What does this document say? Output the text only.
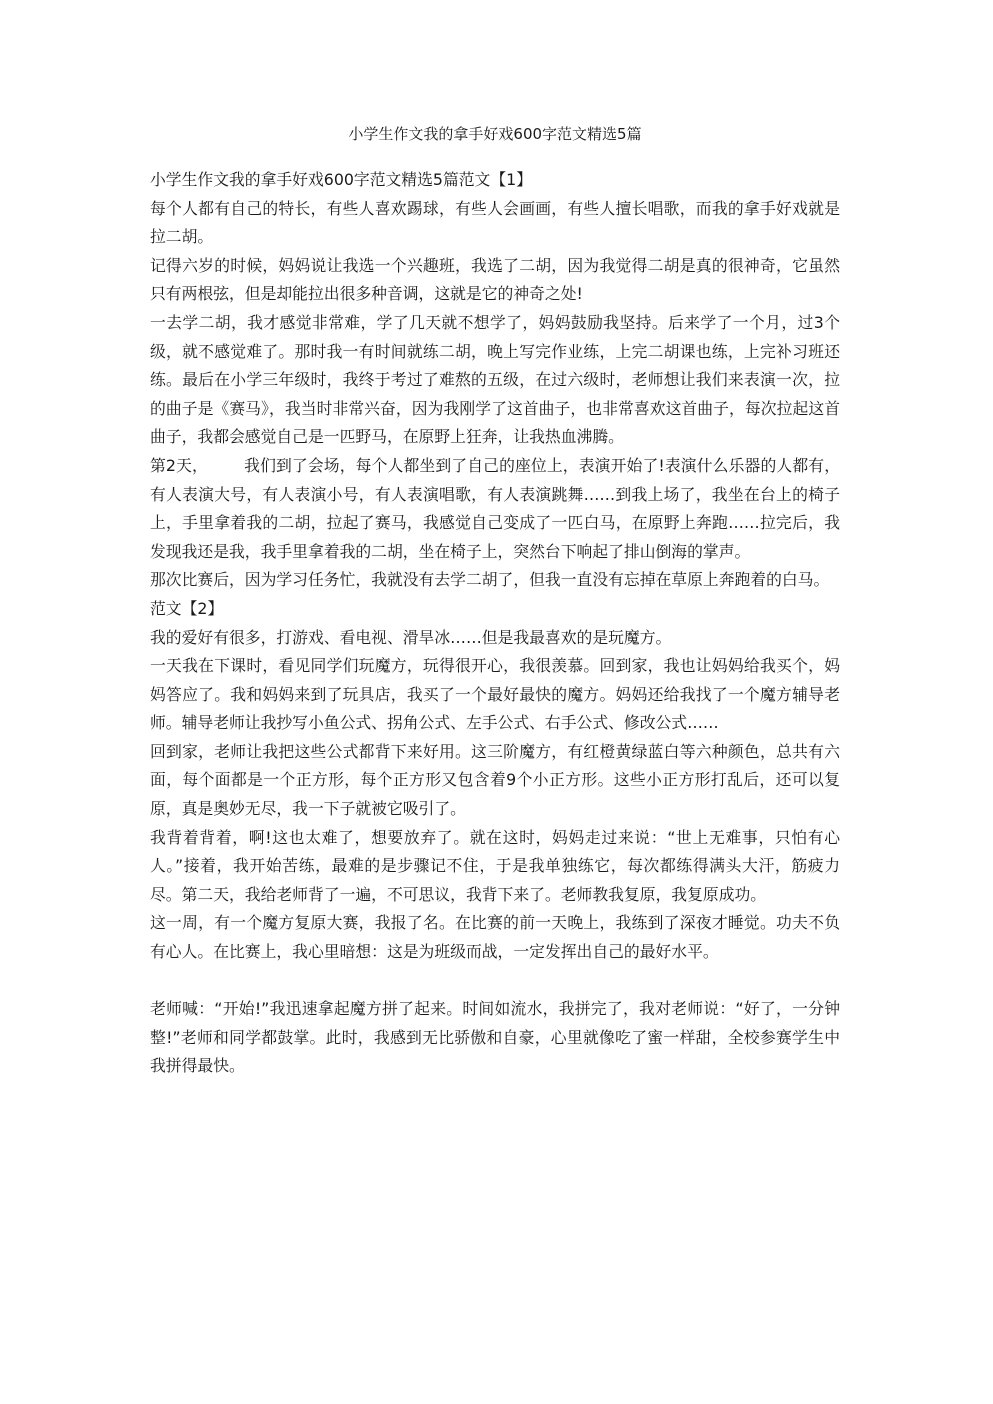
小学生作文我的拿手好戏600字范文精选5篇

小学生作文我的拿手好戏600字范文精选5篇范文【1】

每个人都有自己的特长，有些人喜欢踢球，有些人会画画，有些人擅长唱歌，而我的拿手好戏就是拉二胡。

记得六岁的时候，妈妈说让我选一个兴趣班，我选了二胡，因为我觉得二胡是真的很神奇，它虽然只有两根弦，但是却能拉出很多种音调，这就是它的神奇之处!

一去学二胡，我才感觉非常难，学了几天就不想学了，妈妈鼓励我坚持。后来学了一个月，过3个级，就不感觉难了。那时我一有时间就练二胡，晚上写完作业练，上完二胡课也练，上完补习班还练。最后在小学三年级时，我终于考过了难熬的五级，在过六级时，老师想让我们来表演一次，拉的曲子是《赛马》，我当时非常兴奋，因为我刚学了这首曲子，也非常喜欢这首曲子，每次拉起这首曲子，我都会感觉自己是一匹野马，在原野上狂奔，让我热血沸腾。

第2天， 我们到了会场，每个人都坐到了自己的座位上，表演开始了!表演什么乐器的人都有，有人表演大号，有人表演小号，有人表演唱歌，有人表演跳舞……到我上场了，我坐在台上的椅子上，手里拿着我的二胡，拉起了赛马，我感觉自己变成了一匹白马，在原野上奔跑……拉完后，我发现我还是我，我手里拿着我的二胡，坐在椅子上，突然台下响起了排山倒海的掌声。

那次比赛后，因为学习任务忙，我就没有去学二胡了，但我一直没有忘掉在草原上奔跑着的白马。

范文【2】

我的爱好有很多，打游戏、看电视、滑旱冰……但是我最喜欢的是玩魔方。

一天我在下课时，看见同学们玩魔方，玩得很开心，我很羡慕。回到家，我也让妈妈给我买个，妈妈答应了。我和妈妈来到了玩具店，我买了一个最好最快的魔方。妈妈还给我找了一个魔方辅导老师。辅导老师让我抄写小鱼公式、拐角公式、左手公式、右手公式、修改公式……

回到家，老师让我把这些公式都背下来好用。这三阶魔方，有红橙黄绿蓝白等六种颜色，总共有六面，每个面都是一个正方形，每个正方形又包含着9个小正方形。这些小正方形打乱后，还可以复原，真是奥妙无尽，我一下子就被它吸引了。

我背着背着，啊!这也太难了，想要放弃了。就在这时，妈妈走过来说：“世上无难事，只怕有心人。”接着，我开始苦练，最难的是步骤记不住，于是我单独练它，每次都练得满头大汗，筋疲力尽。第二天，我给老师背了一遍，不可思议，我背下来了。老师教我复原，我复原成功。

这一周，有一个魔方复原大赛，我报了名。在比赛的前一天晚上，我练到了深夜才睡觉。功夫不负有心人。在比赛上，我心里暗想：这是为班级而战，一定发挥出自己的最好水平。

老师喊：“开始!”我迅速拿起魔方拼了起来。时间如流水，我拼完了，我对老师说：“好了，一分钟整!”老师和同学都鼓掌。此时，我感到无比骄傲和自豪，心里就像吃了蜜一样甜，全校参赛学生中我拼得最快。
